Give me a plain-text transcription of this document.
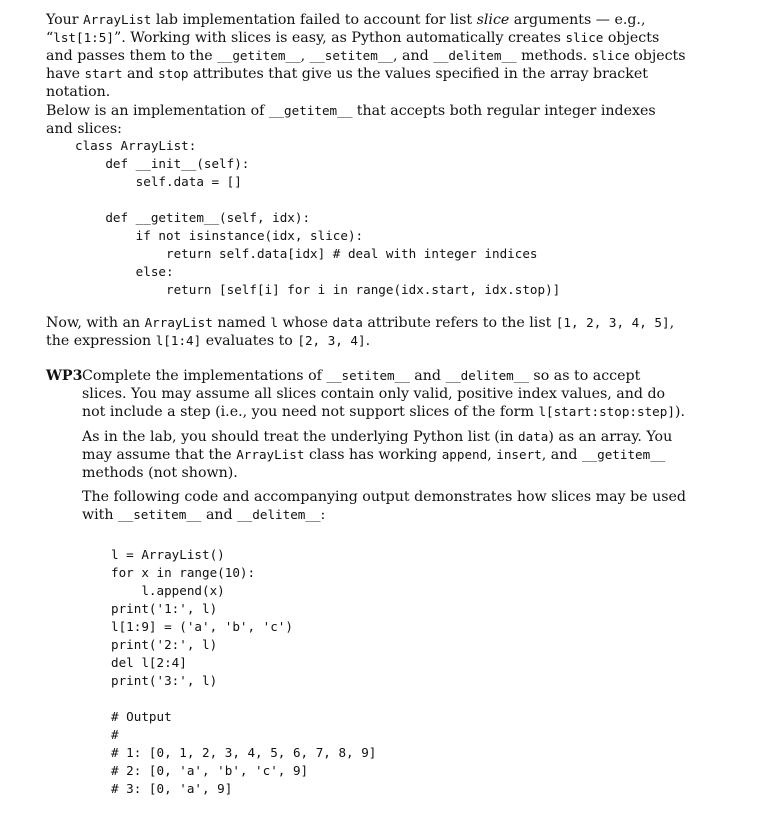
Your ArrayList lab implementation failed to account for list slice arguments — e.g., “lst[1:5]”. Working with slices is easy, as Python automatically creates slice objects and passes them to the __getitem__, __setitem__, and __delitem__ methods. slice objects have start and stop attributes that give us the values specified in the array bracket notation.

Below is an implementation of __getitem__ that accepts both regular integer indexes and slices:

class ArrayList:
def __init__(self):
self.data = []

def __getitem__(self, idx):
if not isinstance(idx, slice):
return self.data[idx] # deal with integer indices
else:
return [self[i] for i in range(idx.start, idx.stop)]

Now, with an ArrayList named l whose data attribute refers to the list [1, 2, 3, 4, 5], the expression l[1:4] evaluates to [2, 3, 4].

WP3 Complete the implementations of __setitem__ and __delitem__ so as to accept slices. You may assume all slices contain only valid, positive index values, and do not include a step (i.e., you need not support slices of the form l[start:stop:step]).

As in the lab, you should treat the underlying Python list (in data) as an array. You may assume that the ArrayList class has working append, insert, and __getitem__ methods (not shown).

The following code and accompanying output demonstrates how slices may be used with __setitem__ and __delitem__:

l = ArrayList()
for x in range(10):
l.append(x)
print('1:', l)
l[1:9] = ('a', 'b', 'c')
print('2:', l)
del l[2:4]
print('3:', l)

# Output
#
# 1: [0, 1, 2, 3, 4, 5, 6, 7, 8, 9]
# 2: [0, 'a', 'b', 'c', 9]
# 3: [0, 'a', 9]
